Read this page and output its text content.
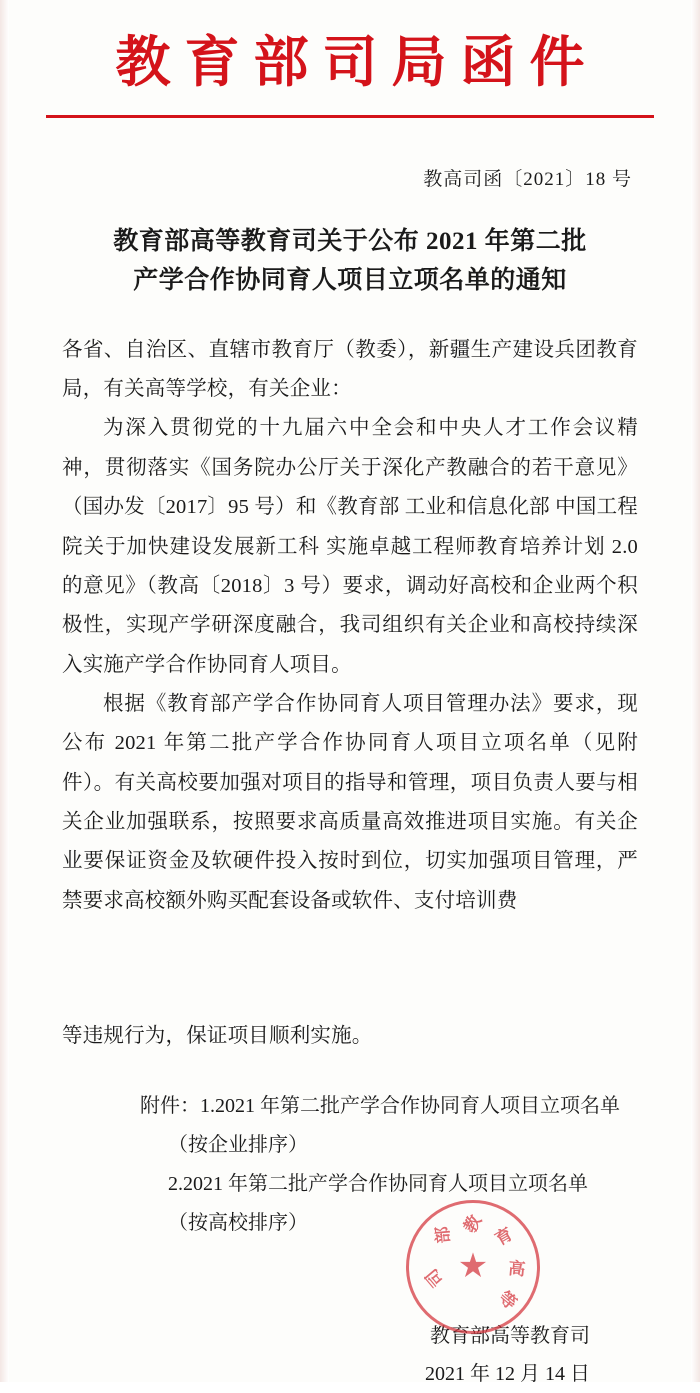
教育部司局函件
教高司函〔2021〕18 号
教育部高等教育司关于公布 2021 年第二批
产学合作协同育人项目立项名单的通知

各省、自治区、直辖市教育厅（教委），新疆生产建设兵团教育局，有关高等学校，有关企业：

为深入贯彻党的十九届六中全会和中央人才工作会议精神，贯彻落实《国务院办公厅关于深化产教融合的若干意见》（国办发〔2017〕95 号）和《教育部 工业和信息化部 中国工程院关于加快建设发展新工科 实施卓越工程师教育培养计划 2.0 的意见》（教高〔2018〕3 号）要求，调动好高校和企业两个积极性，实现产学研深度融合，我司组织有关企业和高校持续深入实施产学合作协同育人项目。

根据《教育部产学合作协同育人项目管理办法》要求，现公布 2021 年第二批产学合作协同育人项目立项名单（见附件）。有关高校要加强对项目的指导和管理，项目负责人要与相关企业加强联系，按照要求高质量高效推进项目实施。有关企业要保证资金及软硬件投入按时到位，切实加强项目管理，严禁要求高校额外购买配套设备或软件、支付培训费

等违规行为，保证项目顺利实施。

附件：1.2021 年第二批产学合作协同育人项目立项名单
（按企业排序）
2.2021 年第二批产学合作协同育人项目立项名单
（按高校排序）
教育部高等教育司
2021 年 12 月 14 日
★
教
育
部
高
等
司
